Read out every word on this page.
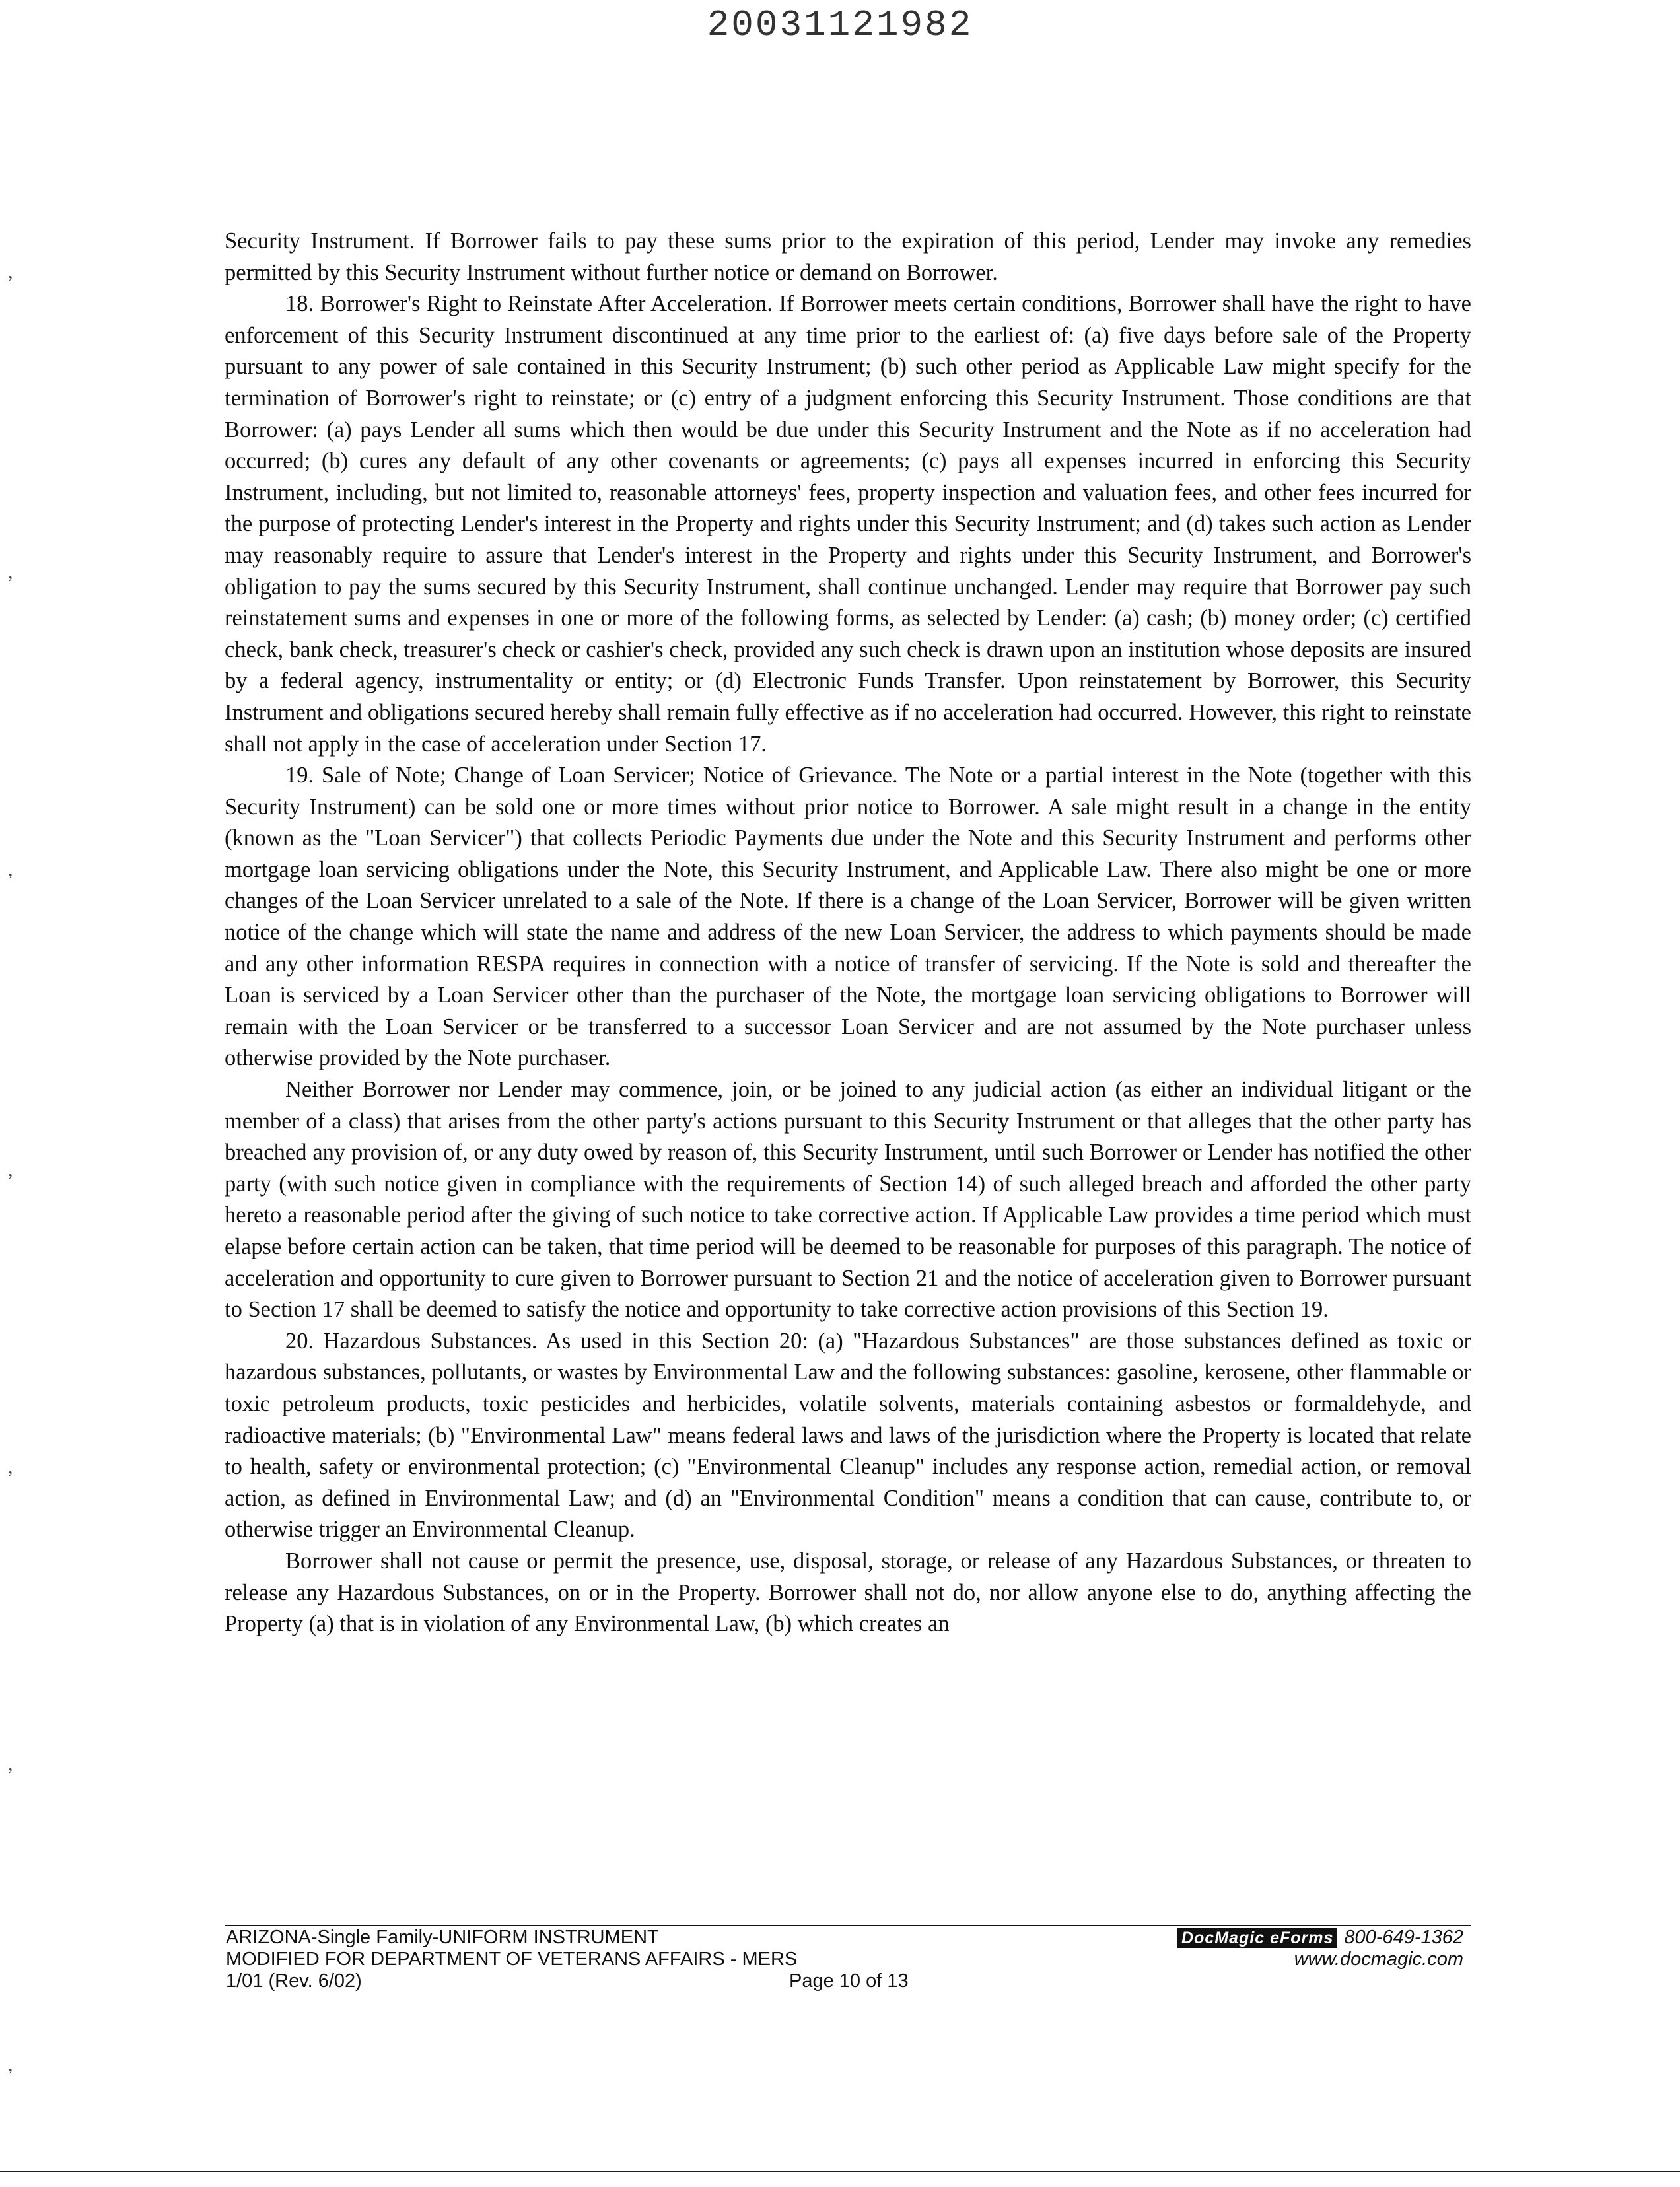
20031121982
,
,
,
,
,
,
,

Security Instrument. If Borrower fails to pay these sums prior to the expiration of this period, Lender may invoke any remedies permitted by this Security Instrument without further notice or demand on Borrower.

18. Borrower's Right to Reinstate After Acceleration. If Borrower meets certain conditions, Borrower shall have the right to have enforcement of this Security Instrument discontinued at any time prior to the earliest of: (a) five days before sale of the Property pursuant to any power of sale contained in this Security Instrument; (b) such other period as Applicable Law might specify for the termination of Borrower's right to reinstate; or (c) entry of a judgment enforcing this Security Instrument. Those conditions are that Borrower: (a) pays Lender all sums which then would be due under this Security Instrument and the Note as if no acceleration had occurred; (b) cures any default of any other covenants or agreements; (c) pays all expenses incurred in enforcing this Security Instrument, including, but not limited to, reasonable attorneys' fees, property inspection and valuation fees, and other fees incurred for the purpose of protecting Lender's interest in the Property and rights under this Security Instrument; and (d) takes such action as Lender may reasonably require to assure that Lender's interest in the Property and rights under this Security Instrument, and Borrower's obligation to pay the sums secured by this Security Instrument, shall continue unchanged. Lender may require that Borrower pay such reinstatement sums and expenses in one or more of the following forms, as selected by Lender: (a) cash; (b) money order; (c) certified check, bank check, treasurer's check or cashier's check, provided any such check is drawn upon an institution whose deposits are insured by a federal agency, instrumentality or entity; or (d) Electronic Funds Transfer. Upon reinstatement by Borrower, this Security Instrument and obligations secured hereby shall remain fully effective as if no acceleration had occurred. However, this right to reinstate shall not apply in the case of acceleration under Section 17.

19. Sale of Note; Change of Loan Servicer; Notice of Grievance. The Note or a partial interest in the Note (together with this Security Instrument) can be sold one or more times without prior notice to Borrower. A sale might result in a change in the entity (known as the "Loan Servicer") that collects Periodic Payments due under the Note and this Security Instrument and performs other mortgage loan servicing obligations under the Note, this Security Instrument, and Applicable Law. There also might be one or more changes of the Loan Servicer unrelated to a sale of the Note. If there is a change of the Loan Servicer, Borrower will be given written notice of the change which will state the name and address of the new Loan Servicer, the address to which payments should be made and any other information RESPA requires in connection with a notice of transfer of servicing. If the Note is sold and thereafter the Loan is serviced by a Loan Servicer other than the purchaser of the Note, the mortgage loan servicing obligations to Borrower will remain with the Loan Servicer or be transferred to a successor Loan Servicer and are not assumed by the Note purchaser unless otherwise provided by the Note purchaser.

Neither Borrower nor Lender may commence, join, or be joined to any judicial action (as either an individual litigant or the member of a class) that arises from the other party's actions pursuant to this Security Instrument or that alleges that the other party has breached any provision of, or any duty owed by reason of, this Security Instrument, until such Borrower or Lender has notified the other party (with such notice given in compliance with the requirements of Section 14) of such alleged breach and afforded the other party hereto a reasonable period after the giving of such notice to take corrective action. If Applicable Law provides a time period which must elapse before certain action can be taken, that time period will be deemed to be reasonable for purposes of this paragraph. The notice of acceleration and opportunity to cure given to Borrower pursuant to Section 21 and the notice of acceleration given to Borrower pursuant to Section 17 shall be deemed to satisfy the notice and opportunity to take corrective action provisions of this Section 19.

20. Hazardous Substances. As used in this Section 20: (a) "Hazardous Substances" are those substances defined as toxic or hazardous substances, pollutants, or wastes by Environmental Law and the following substances: gasoline, kerosene, other flammable or toxic petroleum products, toxic pesticides and herbicides, volatile solvents, materials containing asbestos or formaldehyde, and radioactive materials; (b) "Environmental Law" means federal laws and laws of the jurisdiction where the Property is located that relate to health, safety or environmental protection; (c) "Environmental Cleanup" includes any response action, remedial action, or removal action, as defined in Environmental Law; and (d) an "Environmental Condition" means a condition that can cause, contribute to, or otherwise trigger an Environmental Cleanup.

Borrower shall not cause or permit the presence, use, disposal, storage, or release of any Hazardous Substances, or threaten to release any Hazardous Substances, on or in the Property. Borrower shall not do, nor allow anyone else to do, anything affecting the Property (a) that is in violation of any Environmental Law, (b) which creates an

ARIZONA-Single Family-UNIFORM INSTRUMENT
MODIFIED FOR DEPARTMENT OF VETERANS AFFAIRS - MERS
1/01 (Rev. 6/02)	Page 10 of 13
DocMagic eForms 800-649-1362
www.docmagic.com
